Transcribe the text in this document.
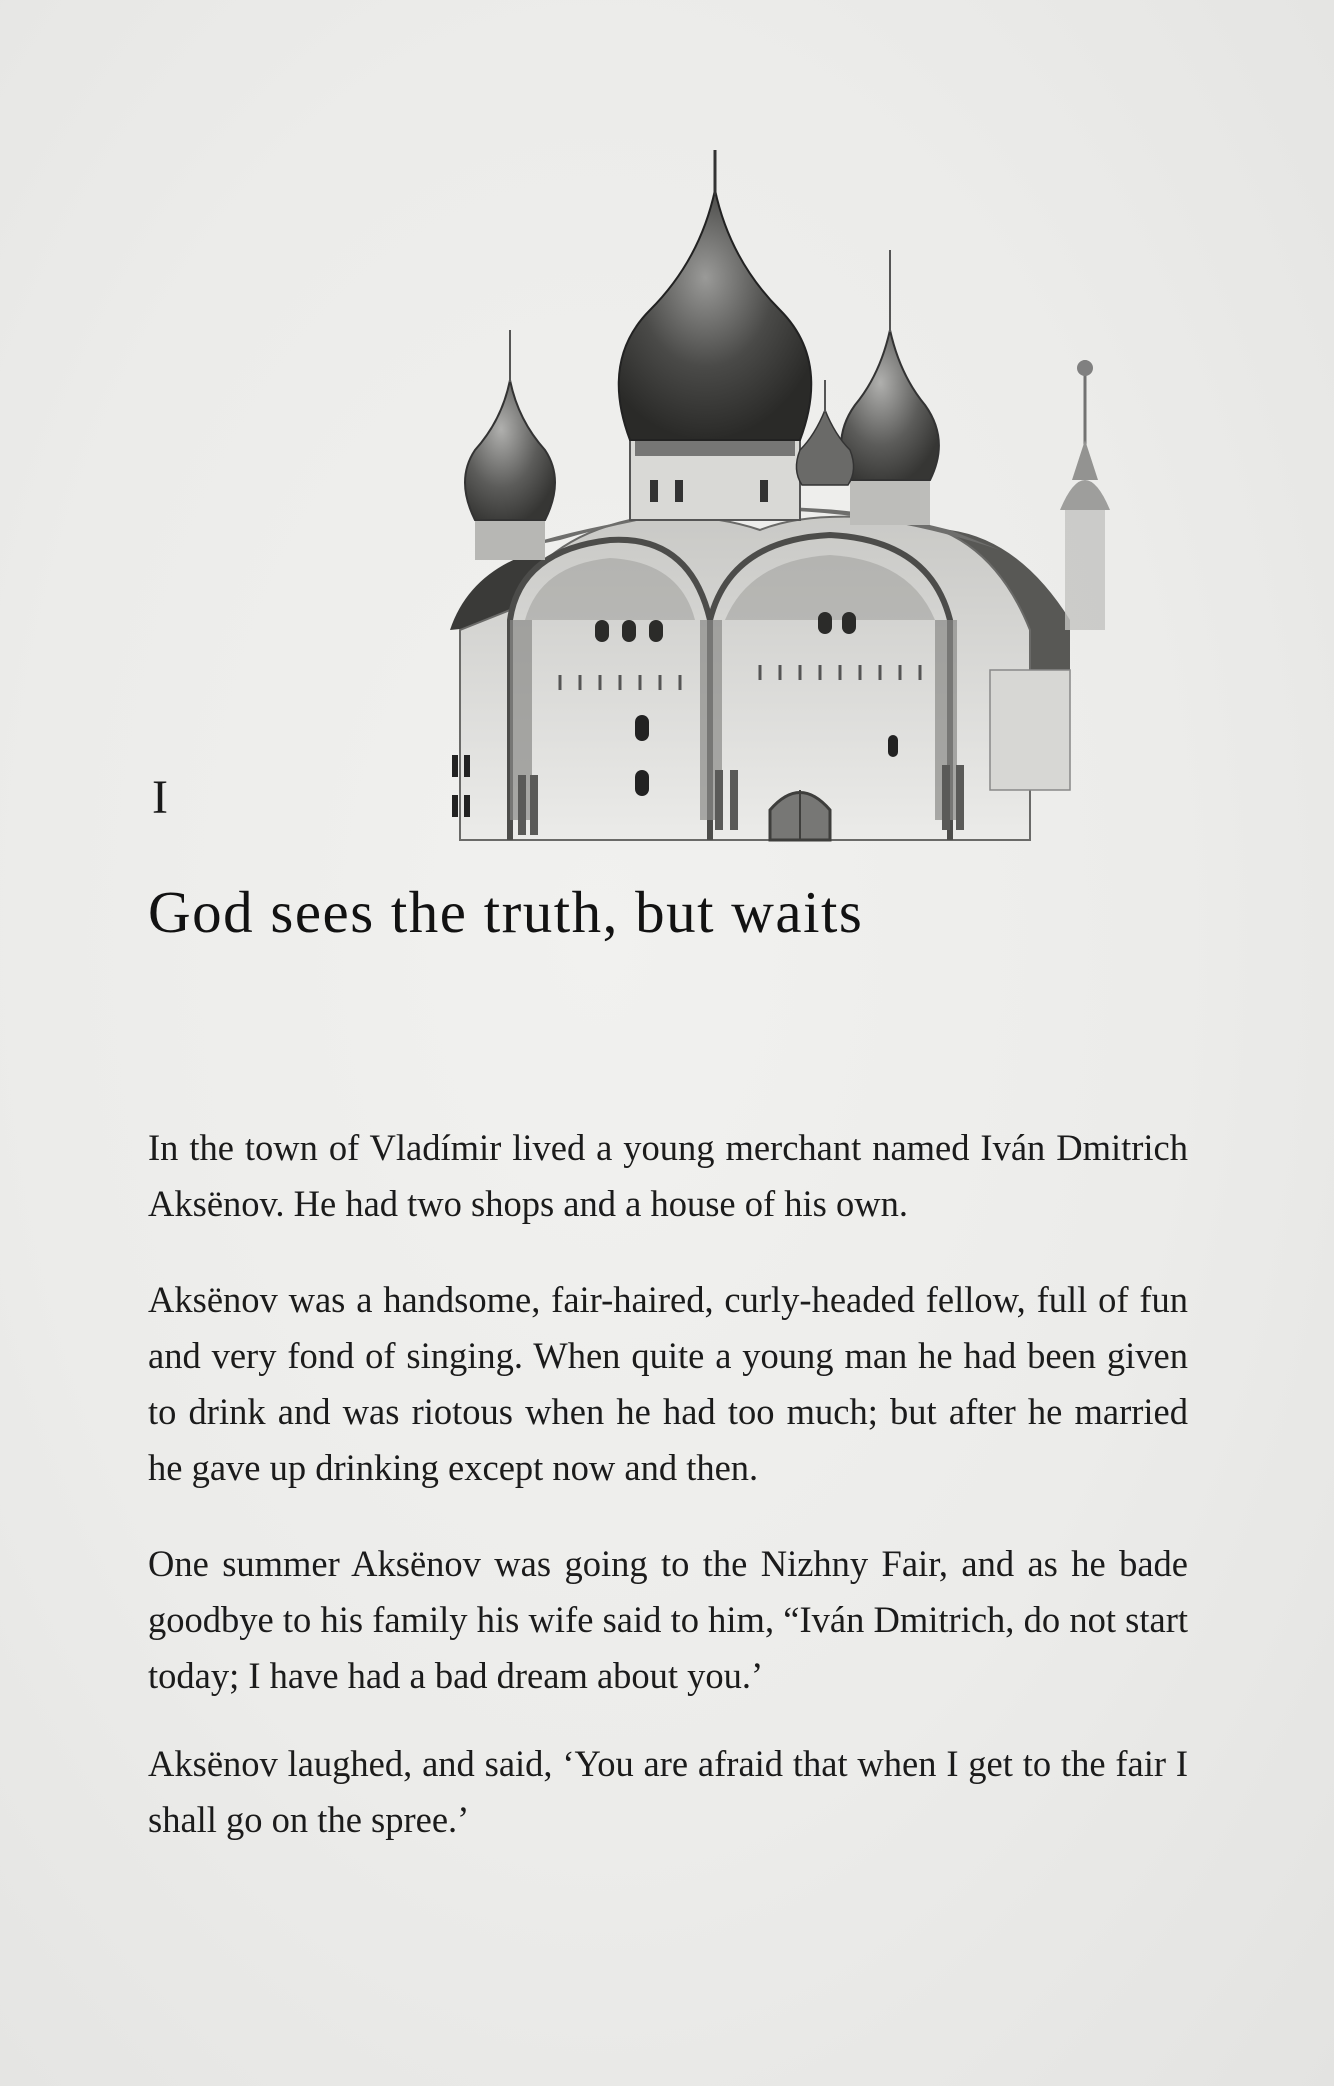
I
God sees the truth, but waits

In the town of Vladímir lived a young merchant named Iván Dmitrich Aksënov. He had two shops and a house of his own.

Aksënov was a handsome, fair-haired, curly-headed fellow, full of fun and very fond of singing. When quite a young man he had been given to drink and was riotous when he had too much; but after he married he gave up drinking except now and then.

One summer Aksënov was going to the Nizhny Fair, and as he bade goodbye to his family his wife said to him, “Iván Dmitrich, do not start today; I have had a bad dream about you.’

Aksënov laughed, and said, ‘You are afraid that when I get to the fair I shall go on the spree.’
